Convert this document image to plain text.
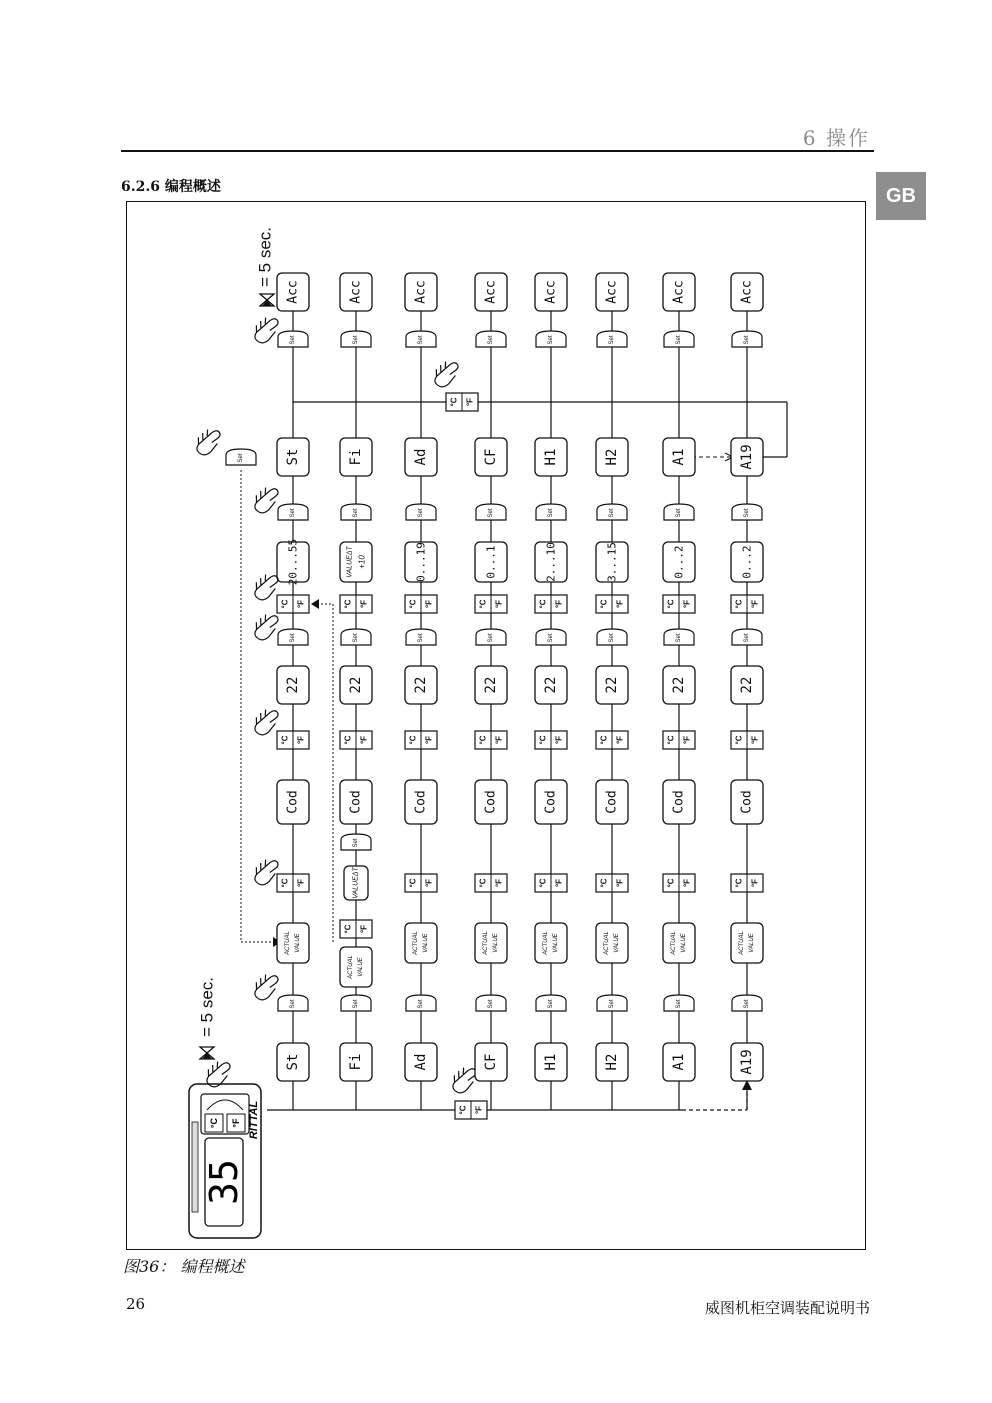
6 操作
GB
6.2.6 编程概述
°C °F
°C °F
Set
Acc
Set
St
Set
20...55
°C °F
Set
22
°C °F
Cod
°C °F
ACTUAL VALUE
Set
St
Acc
Set
Fi
Set
VALUEΔT +10
°C °F
Set
22
°C °F
Cod
Set
VALUEΔT
°C °F
ACTUAL VALUE
Set
Fi
Acc
Set
Ad
Set
0...19
°C °F
Set
22
°C °F
Cod
°C °F
ACTUAL VALUE
Set
Ad
Acc
Set
CF
Set
0...1
°C °F
Set
22
°C °F
Cod
°C °F
ACTUAL VALUE
Set
CF
Acc
Set
H1
Set
2...10
°C °F
Set
22
°C °F
Cod
°C °F
ACTUAL VALUE
Set
H1
Acc
Set
H2
Set
3...15
°C °F
Set
22
°C °F
Cod
°C °F
ACTUAL VALUE
Set
H2
Acc
Set
A1
Set
0...2
°C °F
Set
22
°C °F
Cod
°C °F
ACTUAL VALUE
Set
A1
Acc
Set
A19
Set
0...2
°C °F
Set
22
°C °F
Cod
°C °F
ACTUAL VALUE
Set
A19
= 5 sec.
= 5 sec.
°C °F
35
RITTAL
图36： 编程概述
26	威图机柜空调装配说明书
